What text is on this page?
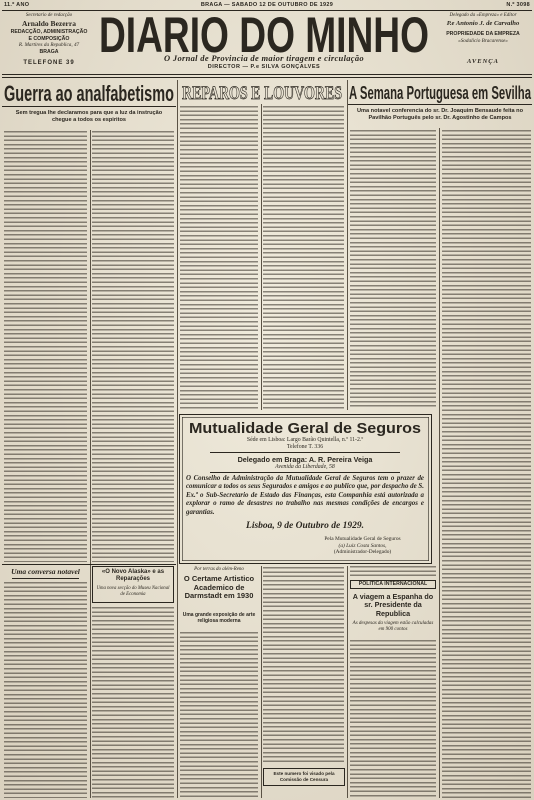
11.º ANO	BRAGA — SABADO 12 DE OUTUBRO DE 1929	N.º 3098
Secretario de redacção
Arnaldo Bezerra
REDACÇÃO, ADMINISTRAÇÃO
E COMPOSIÇÃO
R. Martires da Republica, 47
BRAGA
TELEFONE 39 DIARIO DO MINHO
O Jornal de Provincia de maior tiragem e circulação
DIRECTOR — P.e SILVA GONÇALVES
Delegado da «Empreza» e Editor
P.e Antonio J. de Carvalho
PROPRIEDADE DA EMPREZA
«Sodalicio Bracarense»
AVENÇA
Guerra ao analfabetismo
Sem tregua lhe declaramos para que a luz da instrução chegue a todos os espiritos
REPAROS E LOUVORES A Semana Portuguesa em Sevilha
Uma notavel conferencia do sr. Dr. Joaquim Bensaude feita no Pavilhão Português pelo sr. Dr. Agostinho de Campos
Mutualidade Geral de Seguros
Séde em Lisboa: Largo Barão Quintella, n.º 11-2.º
Telefone T. 336
Delegado em Braga: A. R. Pereira Veiga
Avenida da Liberdade, 58
O Conselho de Administração da Mutualidade Geral de Seguros tem o prazer de comunicar a todos os seus Segurados e amigos e ao publico que, por despacho de S. Ex.ª o Sub-Secretario de Estado das Finanças, esta Companhia está autorizada a explorar o ramo de desastres no trabalho nas mesmas condições de encargos e garantias.
Lisboa, 9 de Outubro de 1929.
Pela Mutualidade Geral de Seguros
(a) Luiz Costa Santos,
(Administrador-Delegado)
Uma conversa notavel	«O Novo Alaska» e as Reparações
Uma nova secção do Museu Nacional de Economia
Por terras do além-Reno
O Certame Artistico Academico de Darmstadt em 1930
Uma grande exposição de arte religiosa moderna
Este numero foi visado pela
Comissão de Censura
POLITICA INTERNACIONAL
A viagem a Espanha do sr. Presidente da Republica
As despesas da viagem estão calculadas em 900 contos
